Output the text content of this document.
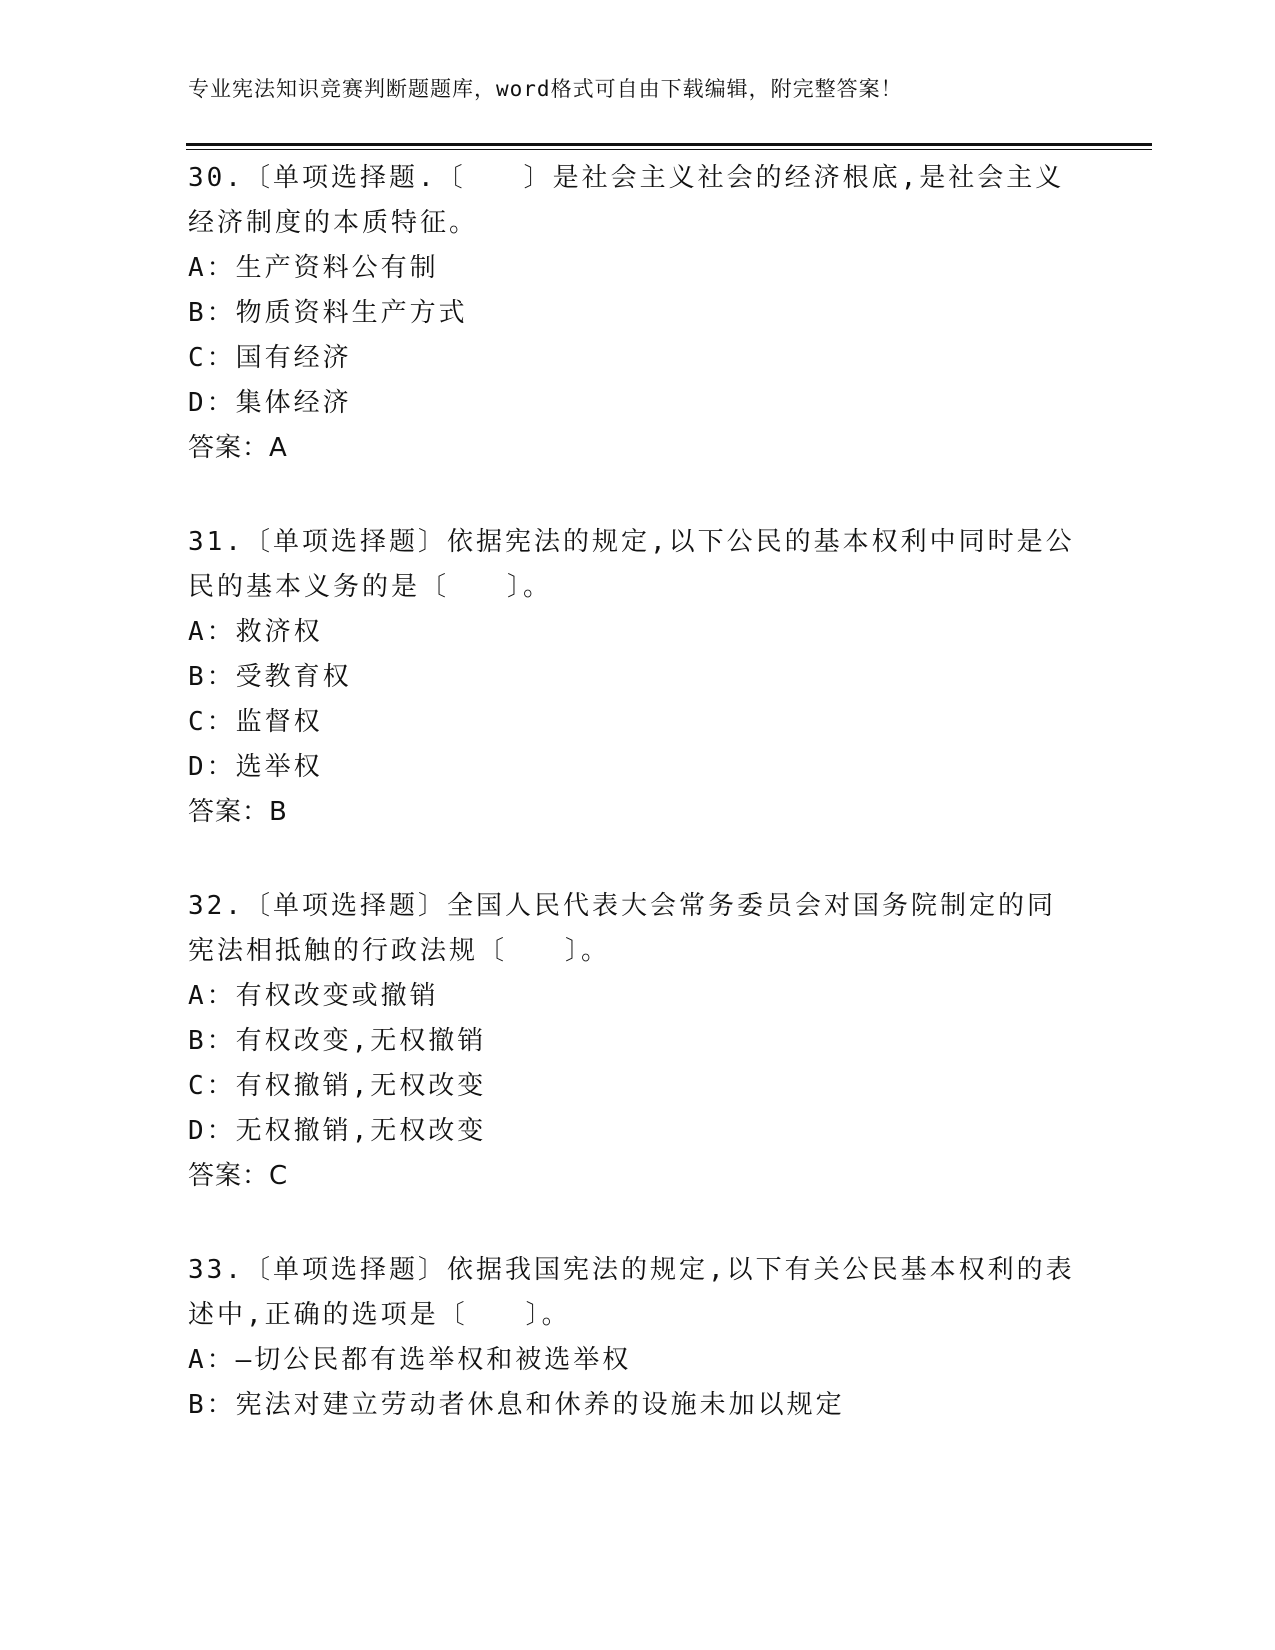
专业宪法知识竞赛判断题题库，word格式可自由下载编辑，附完整答案！

30.〔单项选择题.〔　　〕是社会主义社会的经济根底,是社会主义经济制度的本质特征。

A：生产资料公有制

B：物质资料生产方式

C：国有经济

D：集体经济

答案：A

31.〔单项选择题〕依据宪法的规定,以下公民的基本权利中同时是公民的基本义务的是〔　　〕。

A：救济权

B：受教育权

C：监督权

D：选举权

答案：B

32.〔单项选择题〕全国人民代表大会常务委员会对国务院制定的同宪法相抵触的行政法规〔　　〕。

A：有权改变或撤销

B：有权改变,无权撤销

C：有权撤销,无权改变

D：无权撤销,无权改变

答案：C

33.〔单项选择题〕依据我国宪法的规定,以下有关公民基本权利的表述中,正确的选项是〔　　〕。

A：—切公民都有选举权和被选举权

B：宪法对建立劳动者休息和休养的设施未加以规定
